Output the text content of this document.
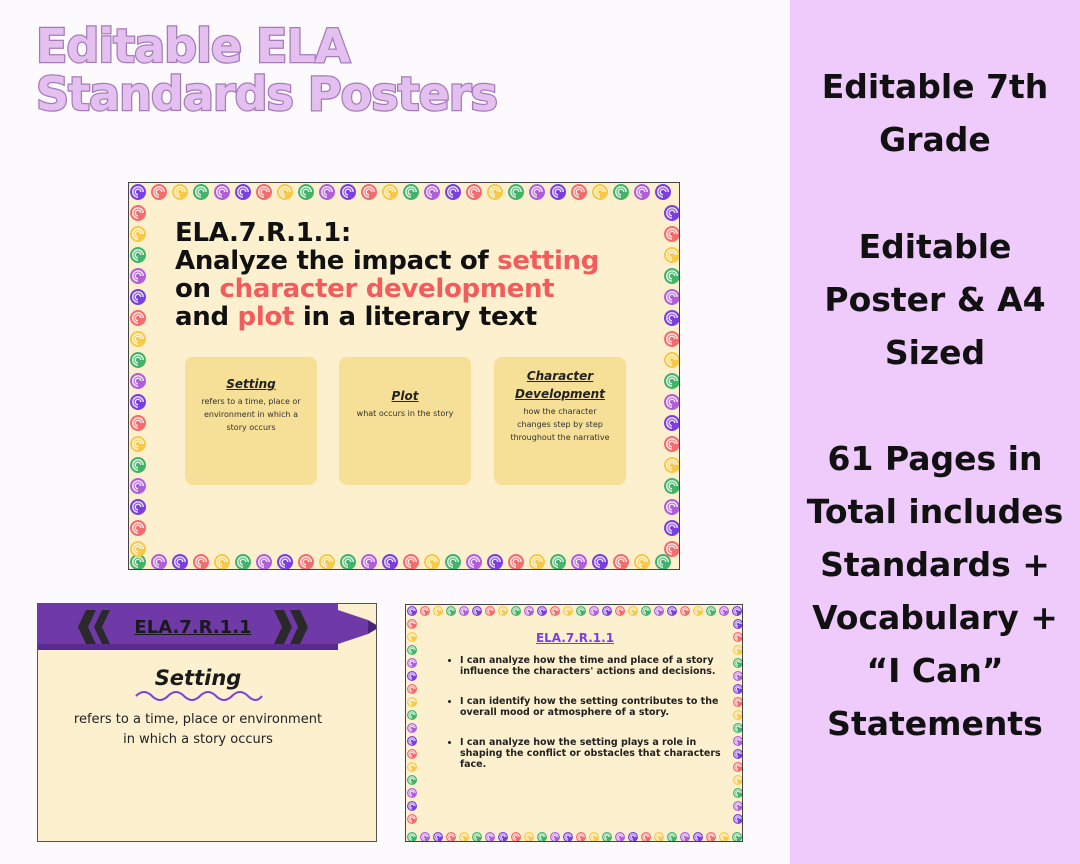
Editable ELA
Standards Posters
ELA.7.R.1.1:
Analyze the impact of setting
on character development
and plot in a literary text
Setting
refers to a time, place or environment in which a story occurs
Plot
what occurs in the story
Character Development
how the character changes step by step throughout the narrative
ELA.7.R.1.1
Setting
refers to a time, place or environment in which a story occurs
ELA.7.R.1.1
• I can analyze how the time and place of a story influence the characters' actions and decisions.
• I can identify how the setting contributes to the overall mood or atmosphere of a story.
• I can analyze how the setting plays a role in shaping the conflict or obstacles that characters face.

Editable 7th
Grade

Editable
Poster & A4
Sized

61 Pages in
Total includes
Standards +
Vocabulary +
“I Can”
Statements
